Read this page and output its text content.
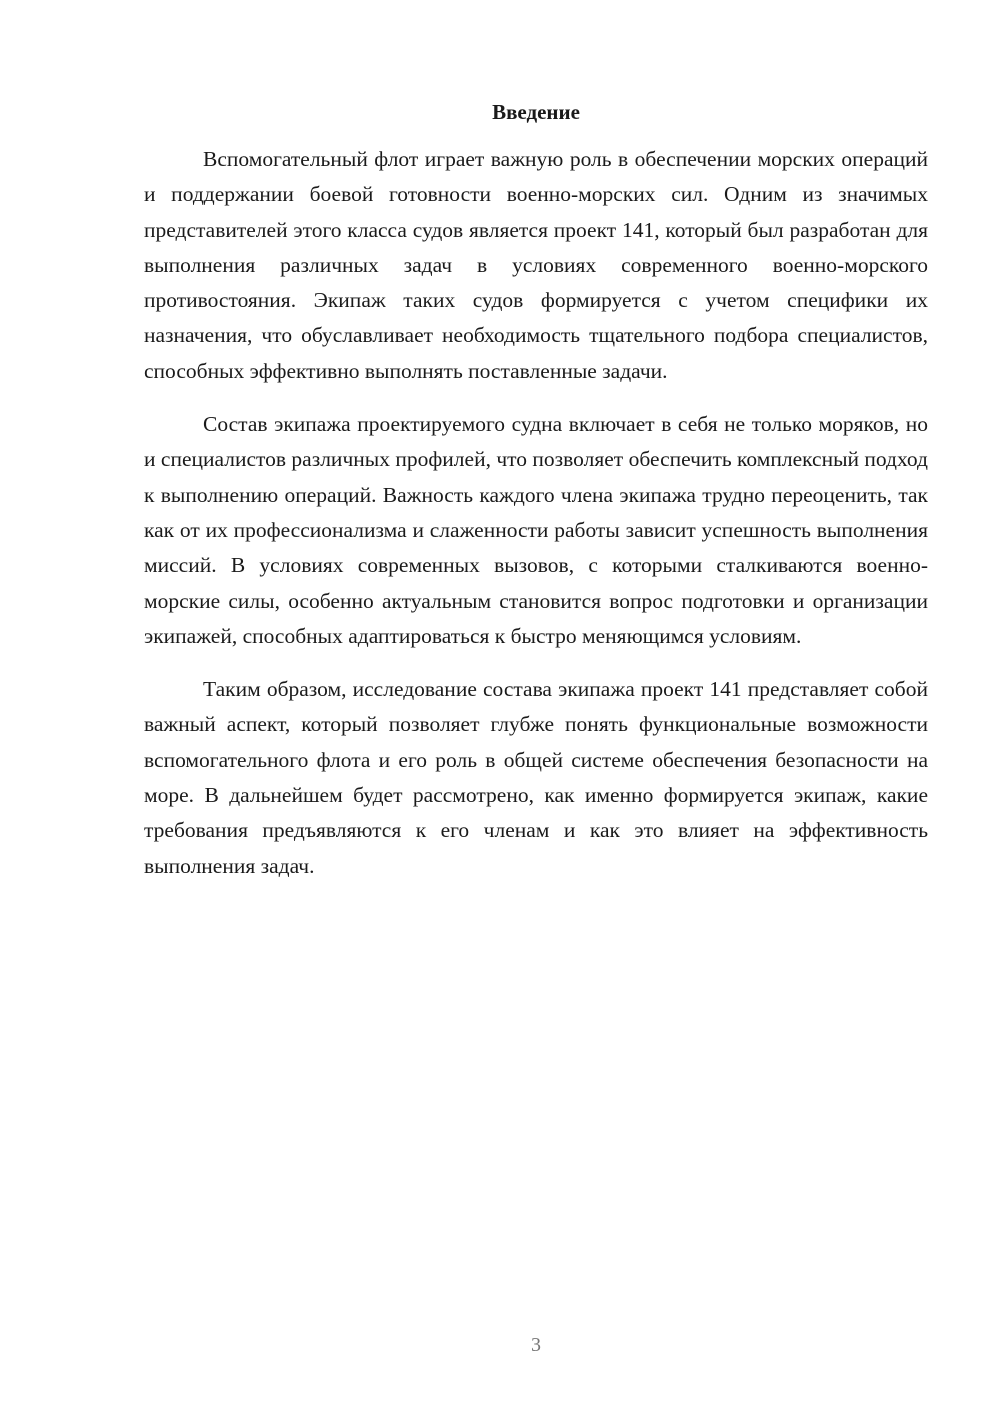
Введение

Вспомогательный флот играет важную роль в обеспечении морских операций и поддержании боевой готовности военно-морских сил. Одним из значимых представителей этого класса судов является проект 141, который был разработан для выполнения различных задач в условиях современного военно-морского противостояния. Экипаж таких судов формируется с учетом специфики их назначения, что обуславливает необходимость тщательного подбора специалистов, способных эффективно выполнять поставленные задачи.

Состав экипажа проектируемого судна включает в себя не только моряков, но и специалистов различных профилей, что позволяет обеспечить комплексный подход к выполнению операций. Важность каждого члена экипажа трудно переоценить, так как от их профессионализма и слаженности работы зависит успешность выполнения миссий. В условиях современных вызовов, с которыми сталкиваются военно-морские силы, особенно актуальным становится вопрос подготовки и организации экипажей, способных адаптироваться к быстро меняющимся условиям.

Таким образом, исследование состава экипажа проект 141 представляет собой важный аспект, который позволяет глубже понять функциональные возможности вспомогательного флота и его роль в общей системе обеспечения безопасности на море. В дальнейшем будет рассмотрено, как именно формируется экипаж, какие требования предъявляются к его членам и как это влияет на эффективность выполнения задач.

3
